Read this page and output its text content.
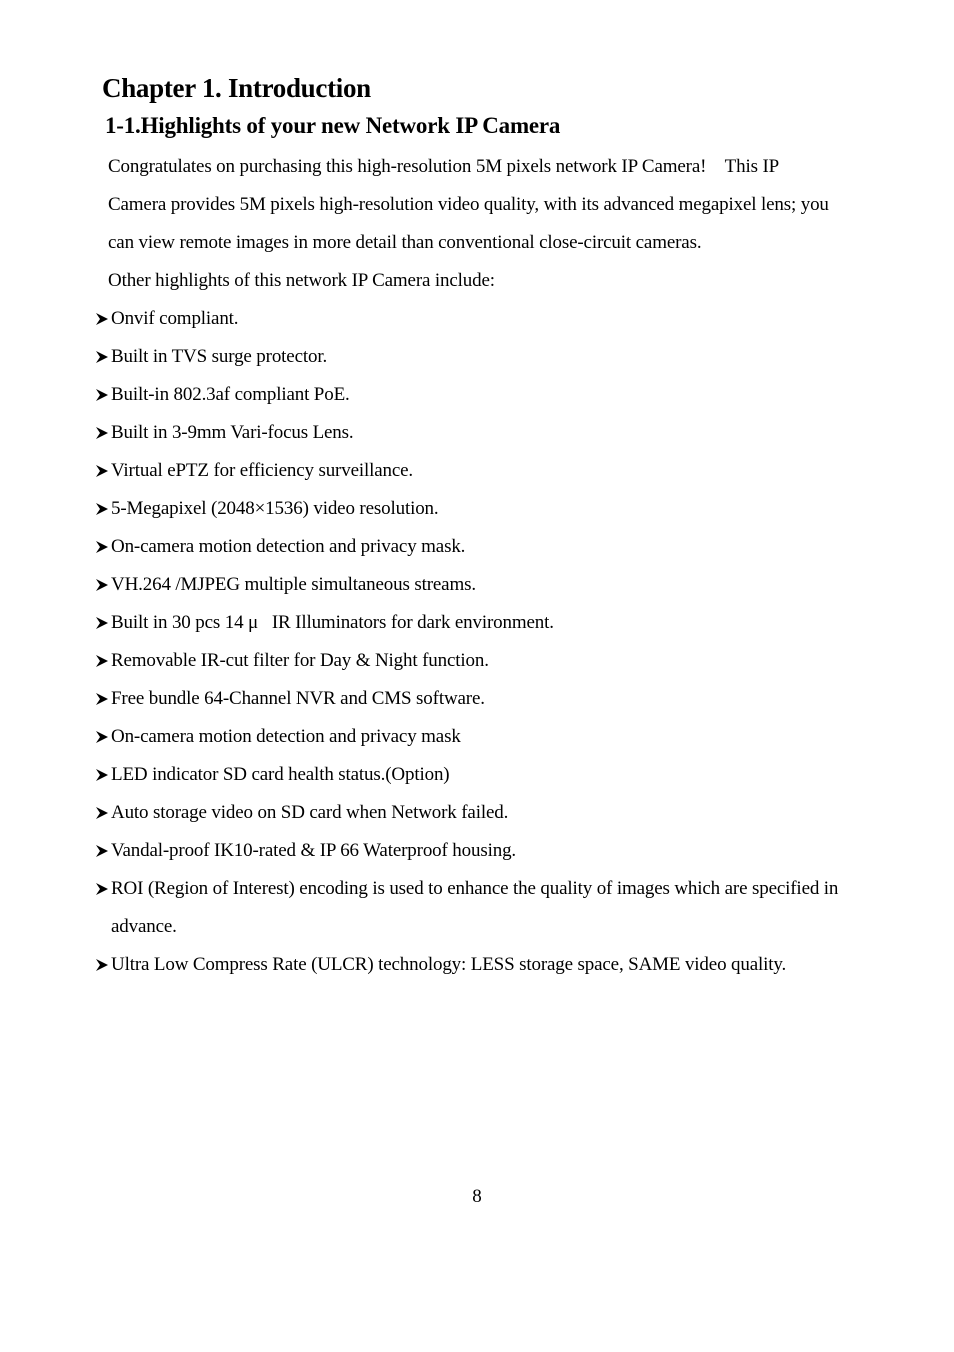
Chapter 1. Introduction
1-1.Highlights of your new Network IP Camera
Congratulates on purchasing this high-resolution 5M pixels network IP Camera!    This IP
Camera provides 5M pixels high-resolution video quality, with its advanced megapixel lens; you
can view remote images in more detail than conventional close-circuit cameras.
Other highlights of this network IP Camera include:
Onvif compliant.
Built in TVS surge protector.
Built-in 802.3af compliant PoE.
Built in 3-9mm Vari-focus Lens.
Virtual ePTZ for efficiency surveillance.
5-Megapixel (2048×1536) video resolution.
On-camera motion detection and privacy mask.
VH.264 /MJPEG multiple simultaneous streams.
Built in 30 pcs 14 μ   IR Illuminators for dark environment.
Removable IR-cut filter for Day & Night function.
Free bundle 64-Channel NVR and CMS software.
On-camera motion detection and privacy mask
LED indicator SD card health status.(Option)
Auto storage video on SD card when Network failed.
Vandal-proof IK10-rated & IP 66 Waterproof housing.
ROI (Region of Interest) encoding is used to enhance the quality of images which are specified in
advance.
Ultra Low Compress Rate (ULCR) technology: LESS storage space, SAME video quality.
8
